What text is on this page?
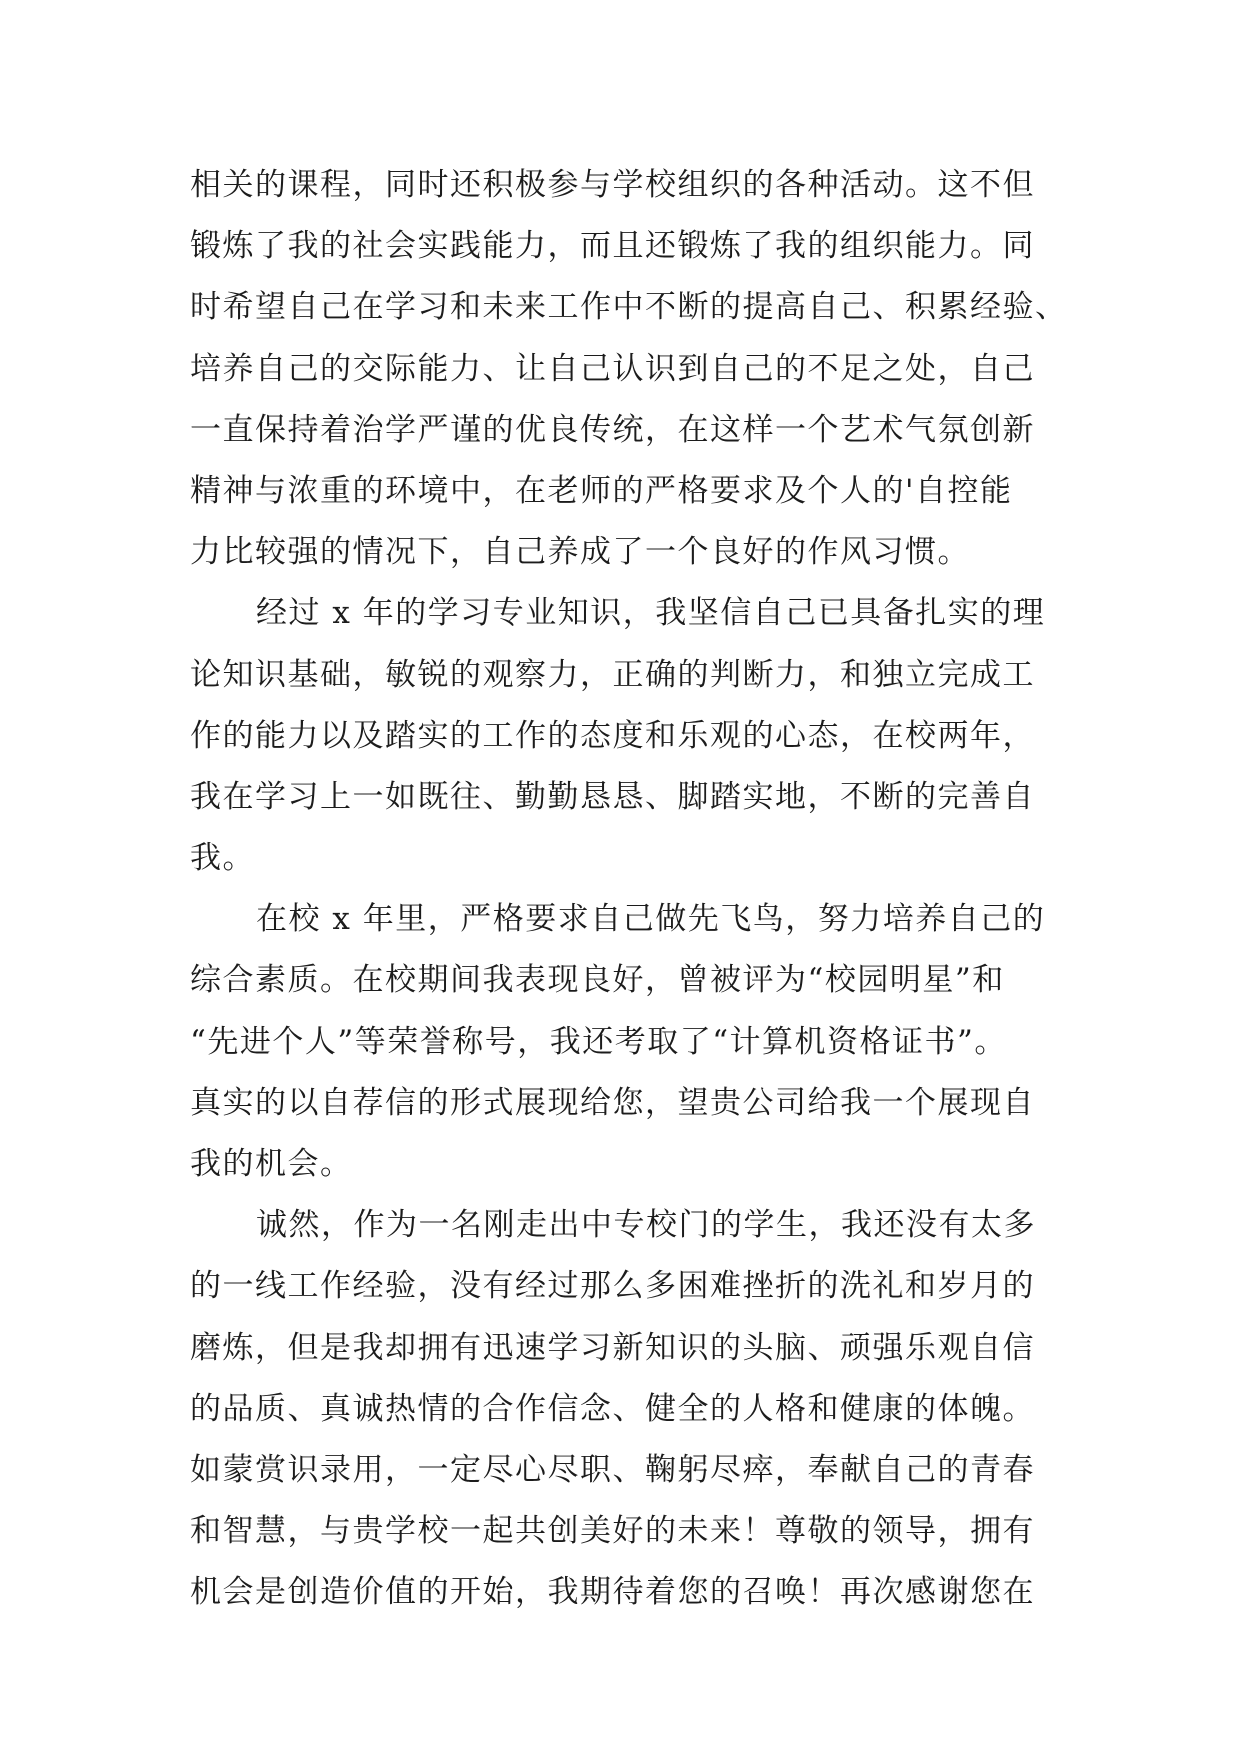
相关的课程，同时还积极参与学校组织的各种活动。这不但
锻炼了我的社会实践能力，而且还锻炼了我的组织能力。同
时希望自己在学习和未来工作中不断的提高自己、积累经验、
培养自己的交际能力、让自己认识到自己的不足之处，自己
一直保持着治学严谨的优良传统，在这样一个艺术气氛创新
精神与浓重的环境中，在老师的严格要求及个人的'自控能
力比较强的情况下，自己养成了一个良好的作风习惯。
经过 x 年的学习专业知识，我坚信自己已具备扎实的理
论知识基础，敏锐的观察力，正确的判断力，和独立完成工
作的能力以及踏实的工作的态度和乐观的心态，在校两年，
我在学习上一如既往、勤勤恳恳、脚踏实地，不断的完善自
我。
在校 x 年里，严格要求自己做先飞鸟，努力培养自己的
综合素质。在校期间我表现良好，曾被评为“校园明星”和
“先进个人”等荣誉称号，我还考取了“计算机资格证书”。
真实的以自荐信的形式展现给您，望贵公司给我一个展现自
我的机会。
诚然，作为一名刚走出中专校门的学生，我还没有太多
的一线工作经验，没有经过那么多困难挫折的洗礼和岁月的
磨炼，但是我却拥有迅速学习新知识的头脑、顽强乐观自信
的品质、真诚热情的合作信念、健全的人格和健康的体魄。
如蒙赏识录用，一定尽心尽职、鞠躬尽瘁，奉献自己的青春
和智慧，与贵学校一起共创美好的未来！尊敬的领导，拥有
机会是创造价值的开始，我期待着您的召唤！再次感谢您在
